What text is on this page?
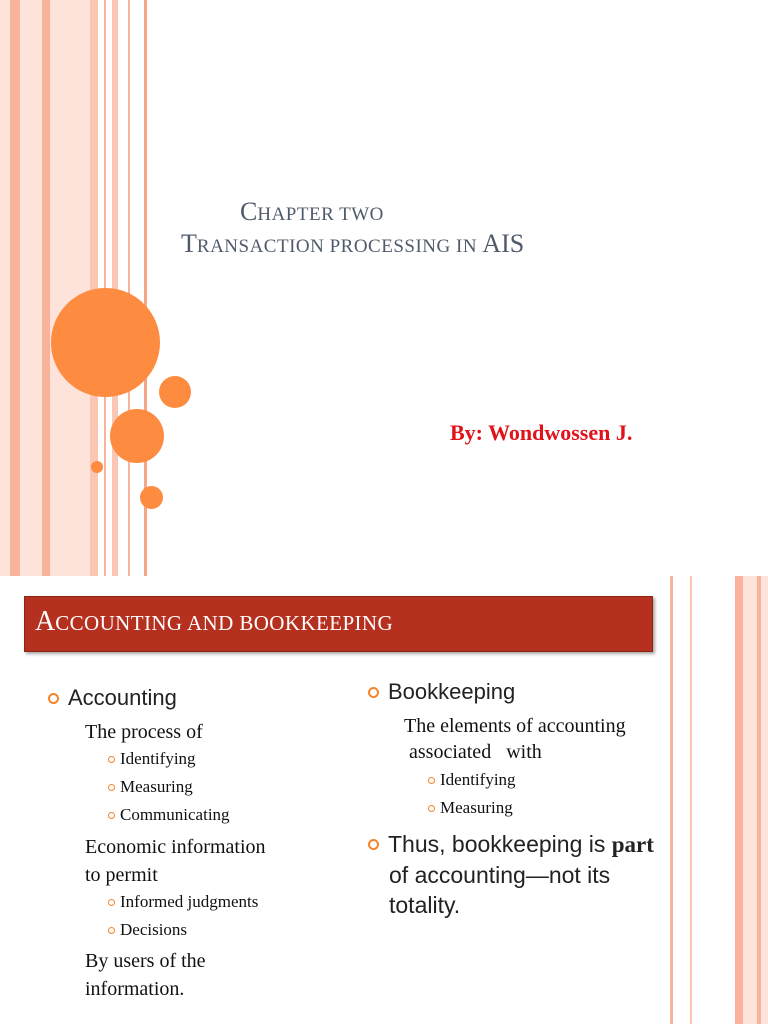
CHAPTER TWO
TRANSACTION PROCESSING IN AIS
By: Wondwossen J.
ACCOUNTING AND BOOKKEEPING
Accounting
The process of
Identifying
Measuring
Communicating
Economic information
to permit
Informed judgments
Decisions
By users of the
information.
Bookkeeping
The elements of accounting
associated   with
Identifying
Measuring
Thus, bookkeeping is part
of accounting—not its
totality.
